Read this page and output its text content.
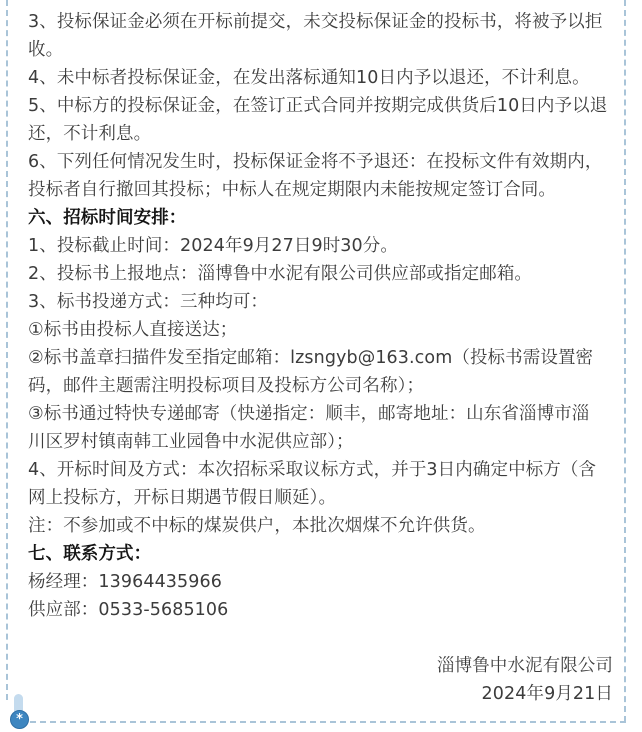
3、投标保证金必须在开标前提交，未交投标保证金的投标书，将被予以拒
收。
4、未中标者投标保证金，在发出落标通知10日内予以退还，不计利息。
5、中标方的投标保证金，在签订正式合同并按期完成供货后10日内予以退
还，不计利息。
6、下列任何情况发生时，投标保证金将不予退还：在投标文件有效期内，
投标者自行撤回其投标；中标人在规定期限内未能按规定签订合同。
六、招标时间安排：
1、投标截止时间：2024年9月27日9时30分。
2、投标书上报地点：淄博鲁中水泥有限公司供应部或指定邮箱。
3、标书投递方式：三种均可：
①标书由投标人直接送达；
②标书盖章扫描件发至指定邮箱：lzsngyb@163.com（投标书需设置密
码，邮件主题需注明投标项目及投标方公司名称）；
③标书通过特快专递邮寄（快递指定：顺丰，邮寄地址：山东省淄博市淄
川区罗村镇南韩工业园鲁中水泥供应部）；
4、开标时间及方式：本次招标采取议标方式，并于3日内确定中标方（含
网上投标方，开标日期遇节假日顺延）。
注：不参加或不中标的煤炭供户，本批次烟煤不允许供货。
七、联系方式：
杨经理：13964435966
供应部：0533-5685106
淄博鲁中水泥有限公司
2024年9月21日
*
